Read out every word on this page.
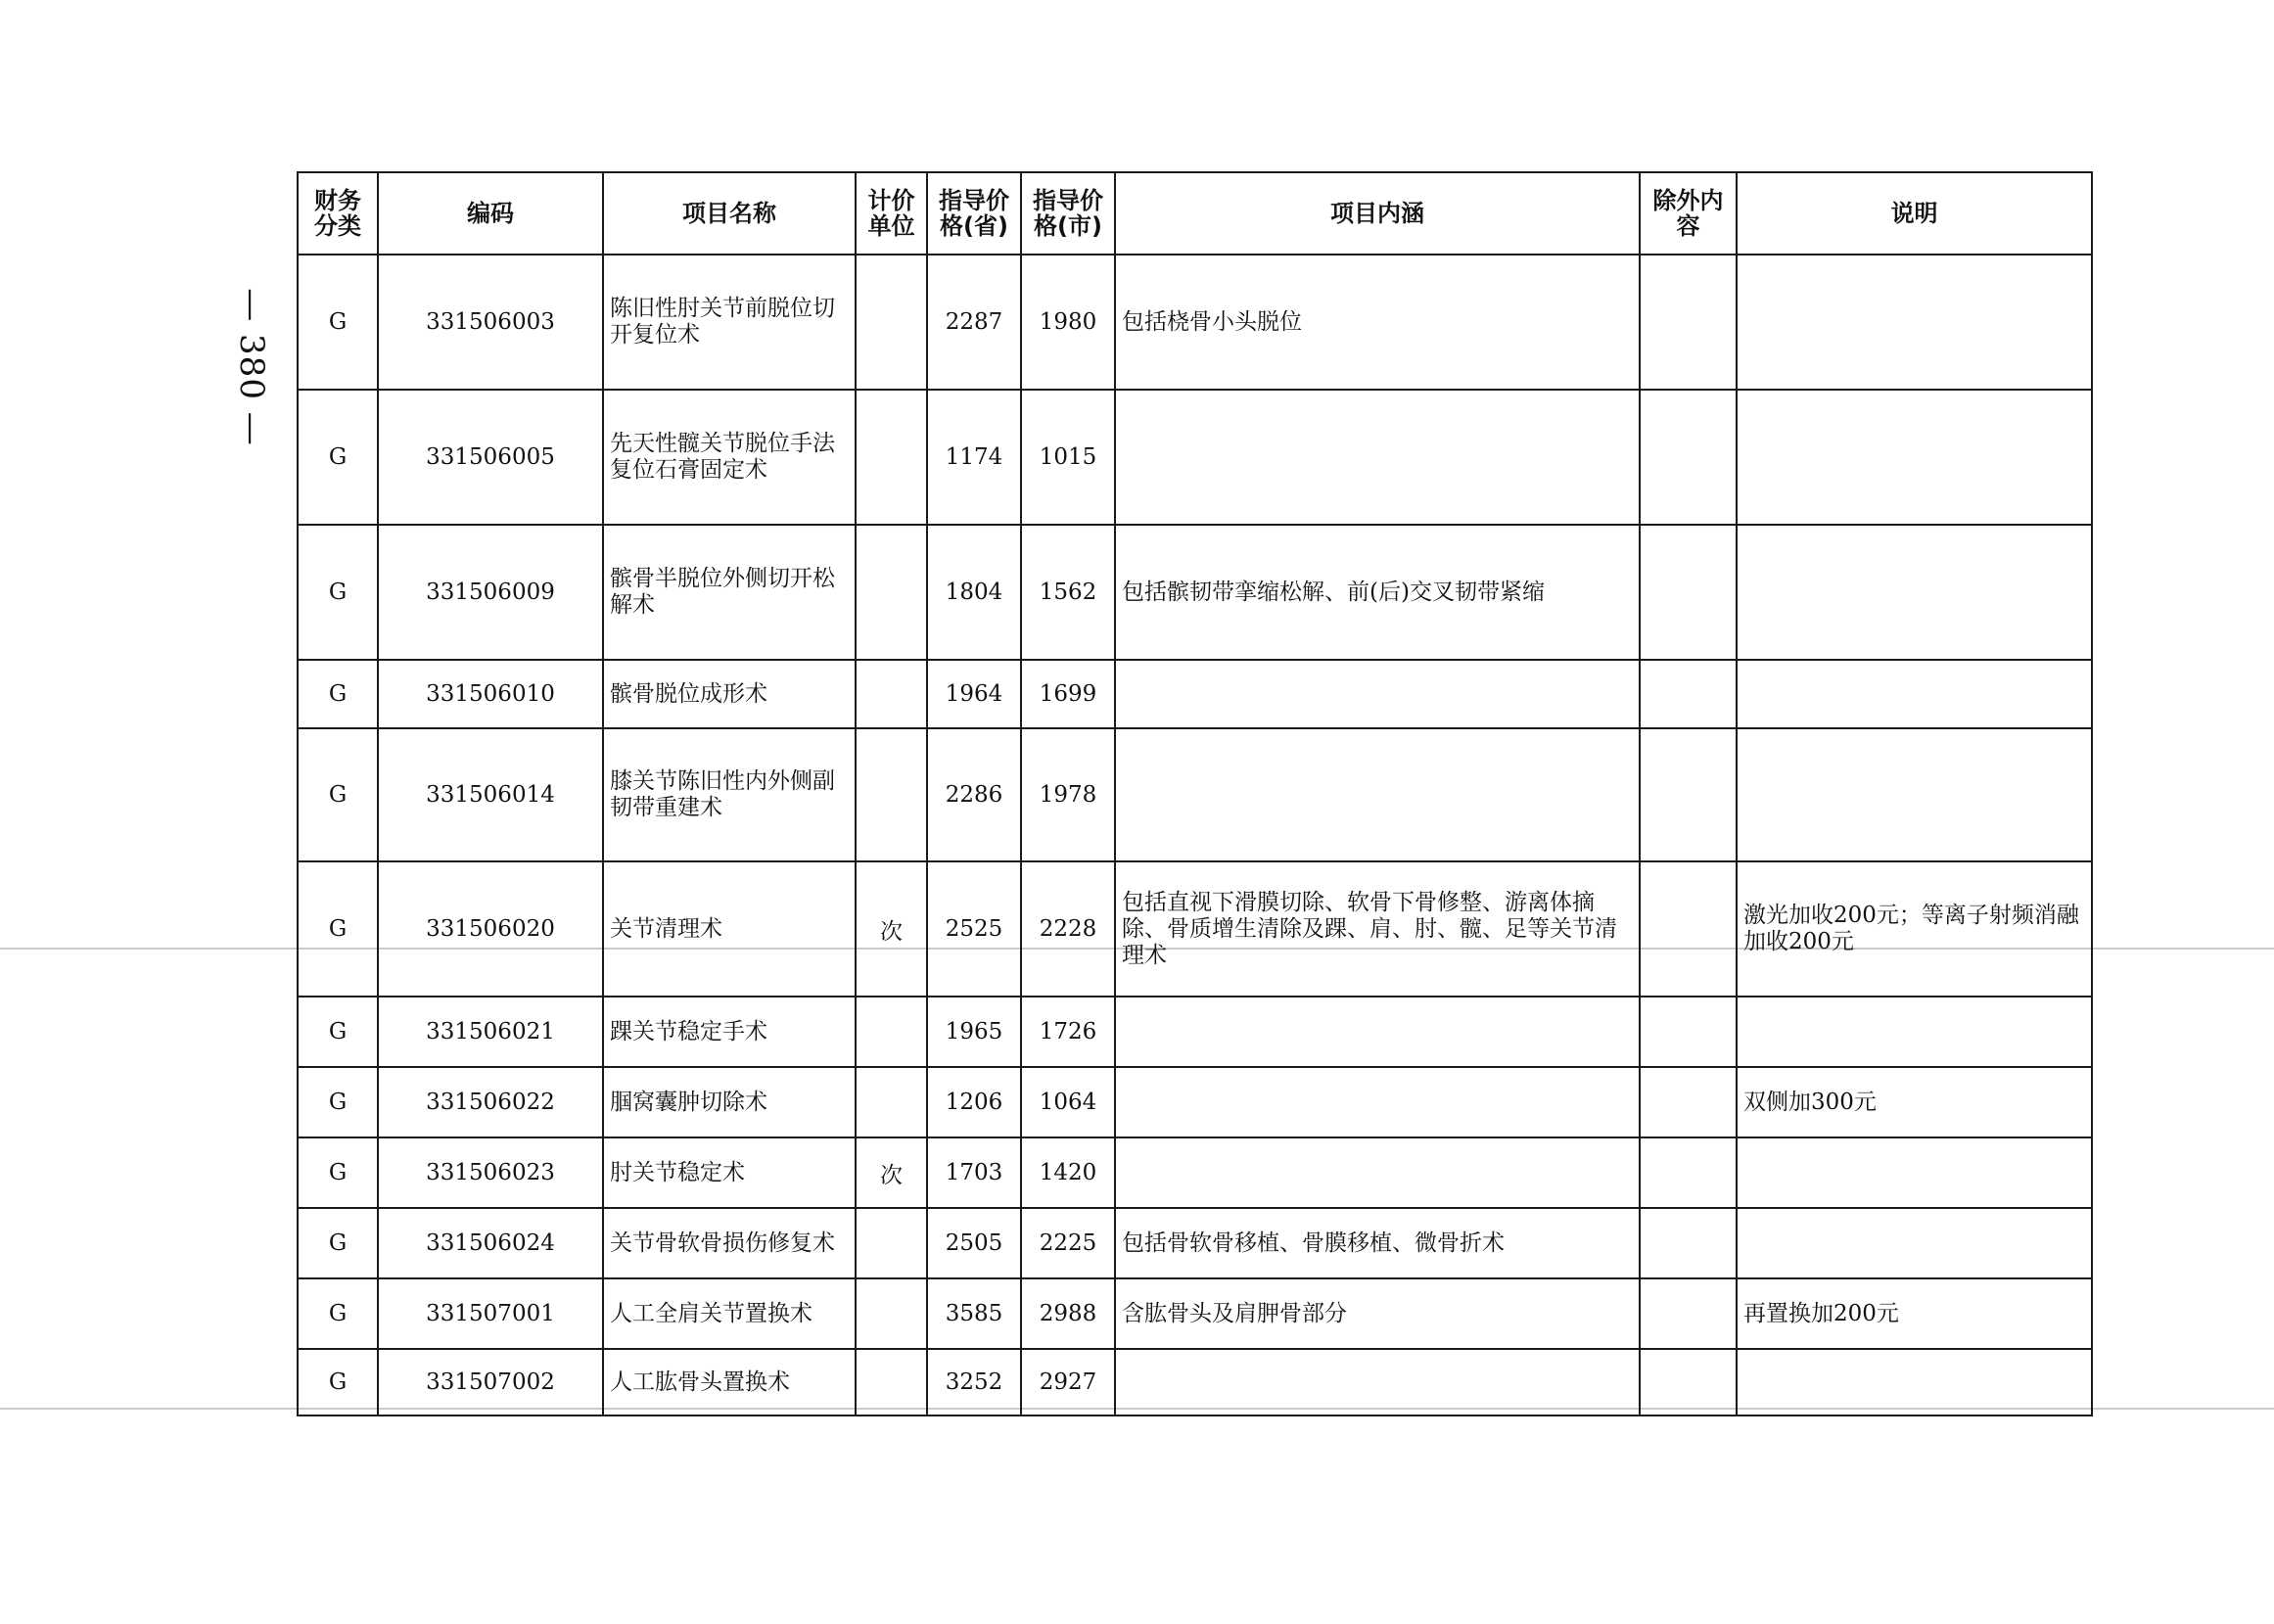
— 380 —
财务分类	编码	项目名称	计价单位	指导价格(省)	指导价格(市)	项目内涵	除外内容	说明
G	331506003	陈旧性肘关节前脱位切开复位术		2287	1980	包括桡骨小头脱位		
G	331506005	先天性髋关节脱位手法复位石膏固定术		1174	1015			
G	331506009	髌骨半脱位外侧切开松解术		1804	1562	包括髌韧带挛缩松解、前(后)交叉韧带紧缩		
G	331506010	髌骨脱位成形术		1964	1699			
G	331506014	膝关节陈旧性内外侧副韧带重建术		2286	1978			
G	331506020	关节清理术	次	2525	2228	包括直视下滑膜切除、软骨下骨修整、游离体摘除、骨质增生清除及踝、肩、肘、髋、足等关节清理术		激光加收200元；等离子射频消融加收200元
G	331506021	踝关节稳定手术		1965	1726			
G	331506022	腘窝囊肿切除术		1206	1064			双侧加300元
G	331506023	肘关节稳定术	次	1703	1420			
G	331506024	关节骨软骨损伤修复术		2505	2225	包括骨软骨移植、骨膜移植、微骨折术		
G	331507001	人工全肩关节置换术		3585	2988	含肱骨头及肩胛骨部分		再置换加200元
G	331507002	人工肱骨头置换术		3252	2927			
